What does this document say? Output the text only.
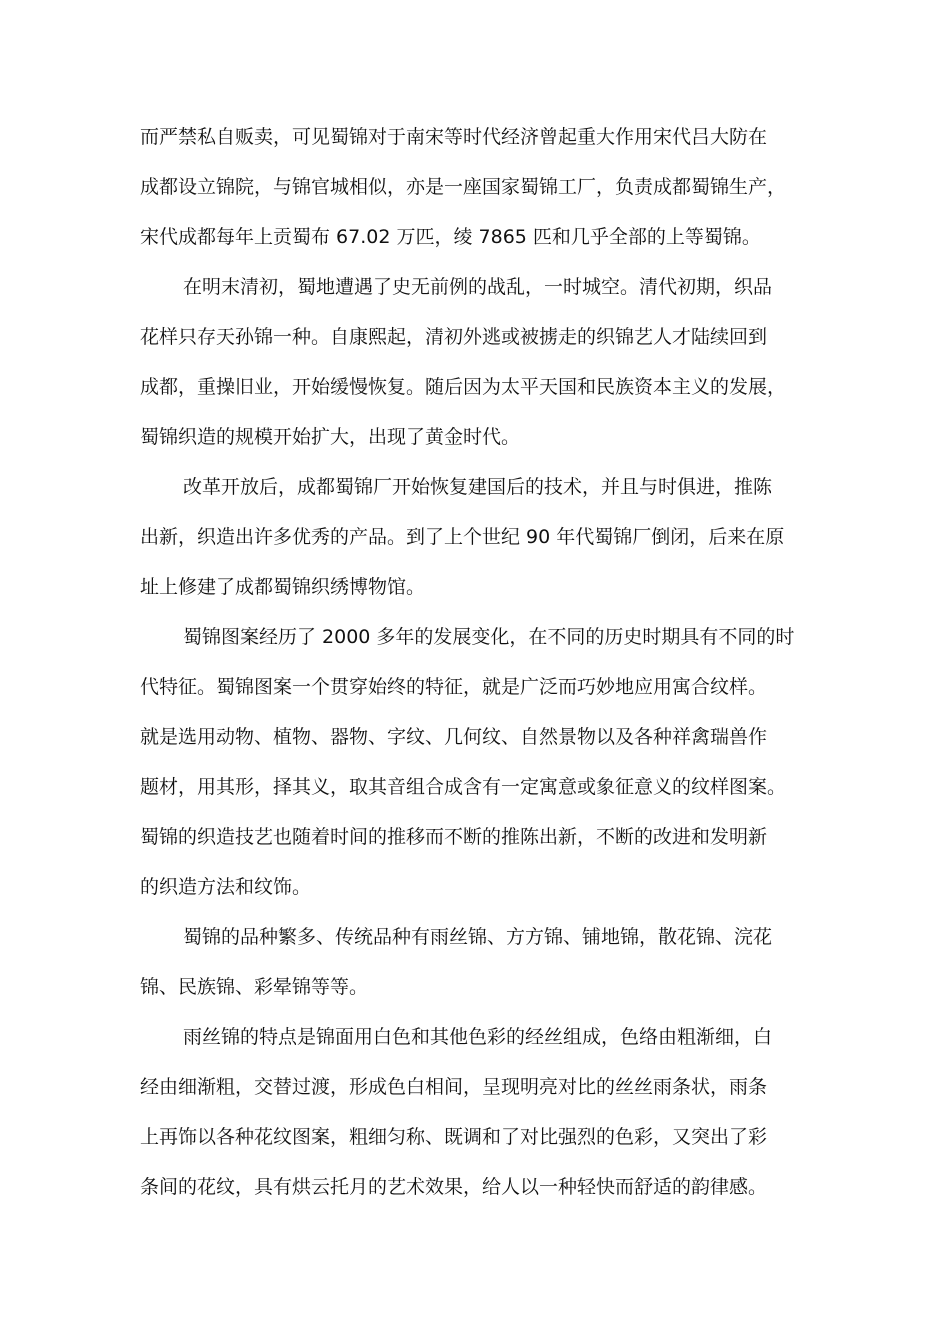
而严禁私自贩卖，可见蜀锦对于南宋等时代经济曾起重大作用宋代吕大防在
成都设立锦院，与锦官城相似，亦是一座国家蜀锦工厂，负责成都蜀锦生产，
宋代成都每年上贡蜀布 67.02 万匹，绫 7865 匹和几乎全部的上等蜀锦。
在明末清初，蜀地遭遇了史无前例的战乱，一时城空。清代初期，织品
花样只存天孙锦一种。自康熙起，清初外逃或被掳走的织锦艺人才陆续回到
成都，重操旧业，开始缓慢恢复。随后因为太平天国和民族资本主义的发展，
蜀锦织造的规模开始扩大，出现了黄金时代。
改革开放后，成都蜀锦厂开始恢复建国后的技术，并且与时俱进，推陈
出新，织造出许多优秀的产品。到了上个世纪 90 年代蜀锦厂倒闭，后来在原
址上修建了成都蜀锦织绣博物馆。
蜀锦图案经历了 2000 多年的发展变化，在不同的历史时期具有不同的时
代特征。蜀锦图案一个贯穿始终的特征，就是广泛而巧妙地应用寓合纹样。
就是选用动物、植物、器物、字纹、几何纹、自然景物以及各种祥禽瑞兽作
题材，用其形，择其义，取其音组合成含有一定寓意或象征意义的纹样图案。
蜀锦的织造技艺也随着时间的推移而不断的推陈出新，不断的改进和发明新
的织造方法和纹饰。
蜀锦的品种繁多、传统品种有雨丝锦、方方锦、铺地锦，散花锦、浣花
锦、民族锦、彩晕锦等等。
雨丝锦的特点是锦面用白色和其他色彩的经丝组成，色络由粗渐细，白
经由细渐粗，交替过渡，形成色白相间，呈现明亮对比的丝丝雨条状，雨条
上再饰以各种花纹图案，粗细匀称、既调和了对比强烈的色彩，又突出了彩
条间的花纹，具有烘云托月的艺术效果，给人以一种轻快而舒适的韵律感。
